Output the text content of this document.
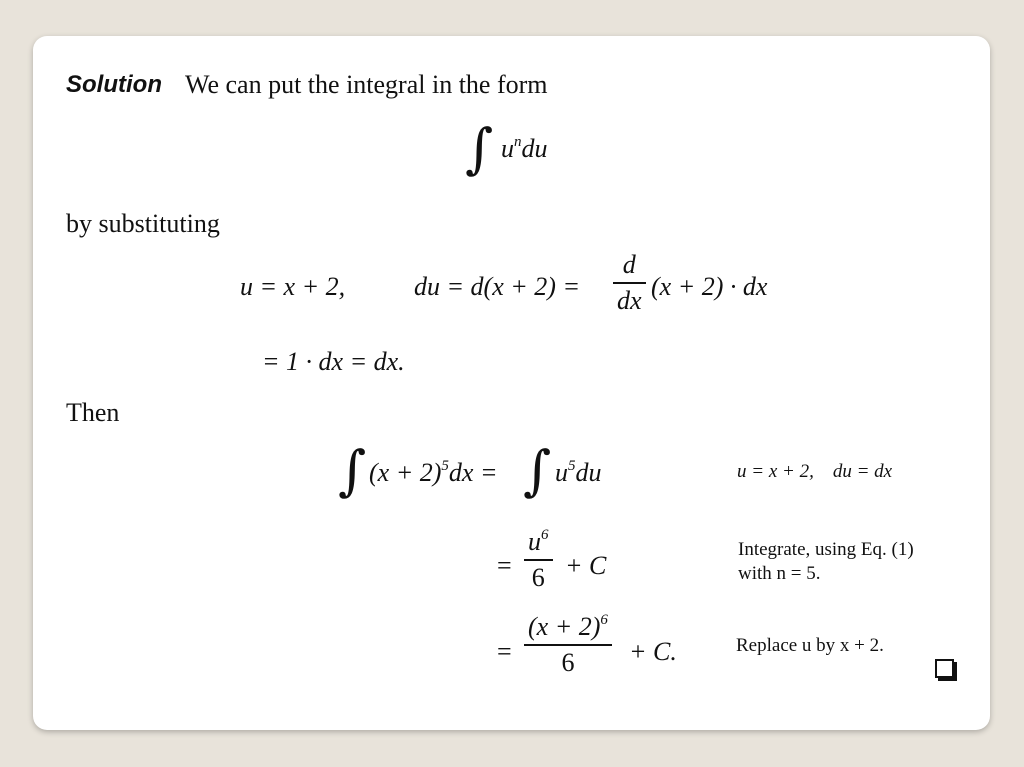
Solution We can put the integral in the form
∫ $u^ndu$
by substituting
u = x + 2,	du = d(x + 2) =
d
dx (x + 2) · dx
= 1 · dx = dx.
Then
∫ $(x + 2)^5dx$ = ∫ $u^5du$	u = x + 2,    du = dx
=
$u^6$
6 + C
Integrate, using Eq. (1)
with n = 5.
=
$(x + 2)^6$
6 + C.	Replace u by x + 2.
